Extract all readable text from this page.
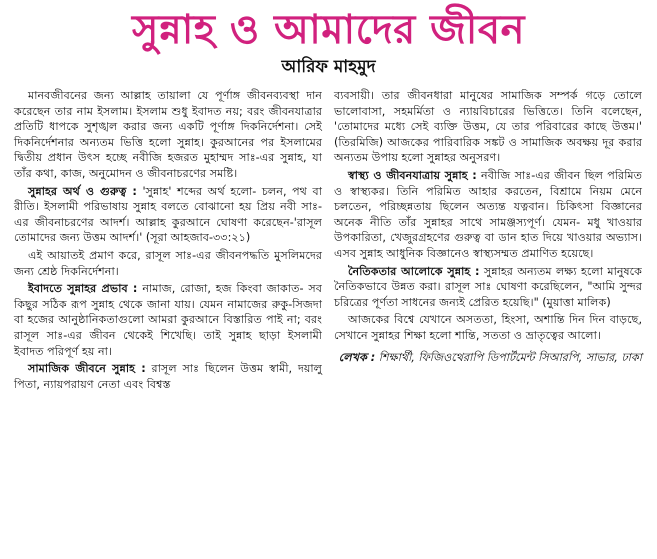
সুন্নাহ ও আমাদের জীবন
আরিফ মাহমুদ

মানবজীবনের জন্য আল্লাহ তায়ালা যে পূর্ণাঙ্গ জীবনব্যবস্থা দান করেছেন তার নাম ইসলাম। ইসলাম শুধু ইবাদত নয়; বরং জীবনযাত্রার প্রতিটি ধাপকে সুশৃঙ্খল করার জন্য একটি পূর্ণাঙ্গ দিকনির্দেশনা। সেই দিকনির্দেশনার অন্যতম ভিত্তি হলো সুন্নাহ। কুরআনের পর ইসলামের দ্বিতীয় প্রধান উৎস হচ্ছে নবীজি হজরত মুহাম্মদ সাঃ-এর সুন্নাহ, যা তাঁর কথা, কাজ, অনুমোদন ও জীবনাচরণের সমষ্টি।

সুন্নাহর অর্থ ও গুরুত্ব : 'সুন্নাহ' শব্দের অর্থ হলো- চলন, পথ বা রীতি। ইসলামী পরিভাষায় সুন্নাহ বলতে বোঝানো হয় প্রিয় নবী সাঃ-এর জীবনাচরণের আদর্শ। আল্লাহ কুরআনে ঘোষণা করেছেন-'রাসূল তোমাদের জন্য উত্তম আদর্শ।' (সূরা আহজাব-৩৩:২১)

এই আয়াতই প্রমাণ করে, রাসূল সাঃ-এর জীবনপদ্ধতি মুসলিমদের জন্য শ্রেষ্ঠ দিকনির্দেশনা।

ইবাদতে সুন্নাহর প্রভাব : নামাজ, রোজা, হজ কিংবা জাকাত- সব কিছুর সঠিক রূপ সুন্নাহ থেকে জানা যায়। যেমন নামাজের রুকু-সিজদা বা হজের আনুষ্ঠানিকতাগুলো আমরা কুরআনে বিস্তারিত পাই না; বরং রাসূল সাঃ-এর জীবন থেকেই শিখেছি। তাই সুন্নাহ ছাড়া ইসলামী ইবাদত পরিপূর্ণ হয় না।

সামাজিক জীবনে সুন্নাহ : রাসূল সাঃ ছিলেন উত্তম স্বামী, দয়ালু পিতা, ন্যায়পরায়ণ নেতা এবং বিশ্বস্ত

ব্যবসায়ী। তার জীবনধারা মানুষের সামাজিক সম্পর্ক গড়ে তোলে ভালোবাসা, সহমর্মিতা ও ন্যায়বিচারের ভিত্তিতে। তিনি বলেছেন, 'তোমাদের মধ্যে সেই ব্যক্তি উত্তম, যে তার পরিবারের কাছে উত্তম।' (তিরমিজি) আজকের পারিবারিক সঙ্কট ও সামাজিক অবক্ষয় দূর করার অন্যতম উপায় হলো সুন্নাহর অনুসরণ।

স্বাস্থ্য ও জীবনযাত্রায় সুন্নাহ : নবীজি সাঃ-এর জীবন ছিল পরিমিত ও স্বাস্থ্যকর। তিনি পরিমিত আহার করতেন, বিশ্রামে নিয়ম মেনে চলতেন, পরিচ্ছন্নতায় ছিলেন অত্যন্ত যত্নবান। চিকিৎসা বিজ্ঞানের অনেক নীতি তাঁর সুন্নাহর সাথে সামঞ্জস্যপূর্ণ। যেমন- মধু খাওয়ার উপকারিতা, খেজুরগ্রহণের গুরুত্ব বা ডান হাত দিয়ে খাওয়ার অভ্যাস। এসব সুন্নাহ আধুনিক বিজ্ঞানেও স্বাস্থ্যসম্মত প্রমাণিত হয়েছে।

নৈতিকতার আলোকে সুন্নাহ : সুন্নাহর অন্যতম লক্ষ্য হলো মানুষকে নৈতিকভাবে উন্নত করা। রাসূল সাঃ ঘোষণা করেছিলেন, "আমি সুন্দর চরিত্রের পূর্ণতা সাধনের জন্যই প্রেরিত হয়েছি।" (মুয়াত্তা মালিক)

আজকের বিশ্বে যেখানে অসততা, হিংসা, অশান্তি দিন দিন বাড়ছে, সেখানে সুন্নাহর শিক্ষা হলো শান্তি, সততা ও ভ্রাতৃত্বের আলো।

লেখক : শিক্ষার্থী, ফিজিওথেরাপি ডিপার্টমেন্ট সিআরপি, সাভার, ঢাকা
